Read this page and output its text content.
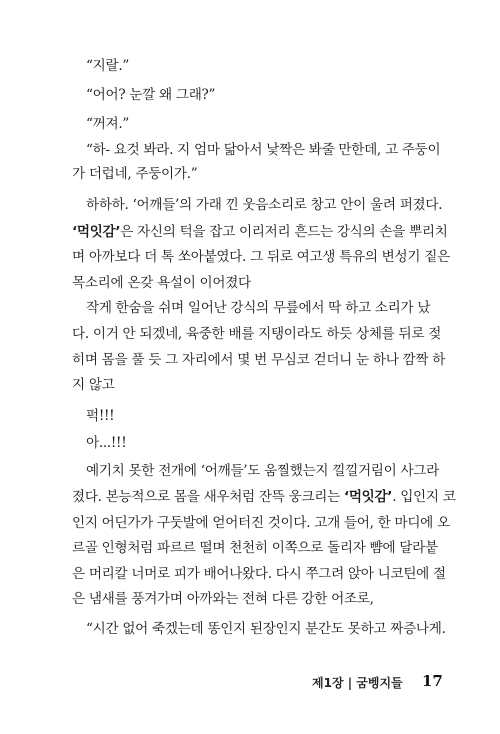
“지랄.”
“어어? 눈깔 왜 그래?”
“꺼져.”
“하- 요것 봐라. 지 엄마 닮아서 낯짝은 봐줄 만한데, 고 주둥이
가 더럽네, 주둥이가.”
하하하. ‘어깨들’의 가래 낀 웃음소리로 창고 안이 울려 퍼졌다.
‘먹잇감’은 자신의 턱을 잡고 이리저리 흔드는 강식의 손을 뿌리치
며 아까보다 더 톡 쏘아붙였다. 그 뒤로 여고생 특유의 변성기 짙은
목소리에 온갖 욕설이 이어졌다
작게 한숨을 쉬며 일어난 강식의 무릎에서 딱 하고 소리가 났
다. 이거 안 되겠네, 육중한 배를 지탱이라도 하듯 상체를 뒤로 젖
히며 몸을 풀 듯 그 자리에서 몇 번 무심코 걷더니 눈 하나 깜짝 하
지 않고
퍽!!!
아...!!!
예기치 못한 전개에 ‘어깨들’도 움찔했는지 낄낄거림이 사그라
졌다. 본능적으로 몸을 새우처럼 잔뜩 웅크리는 ‘먹잇감’. 입인지 코
인지 어딘가가 구둣발에 얻어터진 것이다. 고개 들어, 한 마디에 오
르골 인형처럼 파르르 떨며 천천히 이쪽으로 돌리자 뺨에 달라붙
은 머리칼 너머로 피가 배어나왔다. 다시 쭈그려 앉아 니코틴에 절
은 냄새를 풍겨가며 아까와는 전혀 다른 강한 어조로,
“시간 없어 죽겠는데 똥인지 된장인지 분간도 못하고 짜증나게.
제1장 | 굼벵지들 17
